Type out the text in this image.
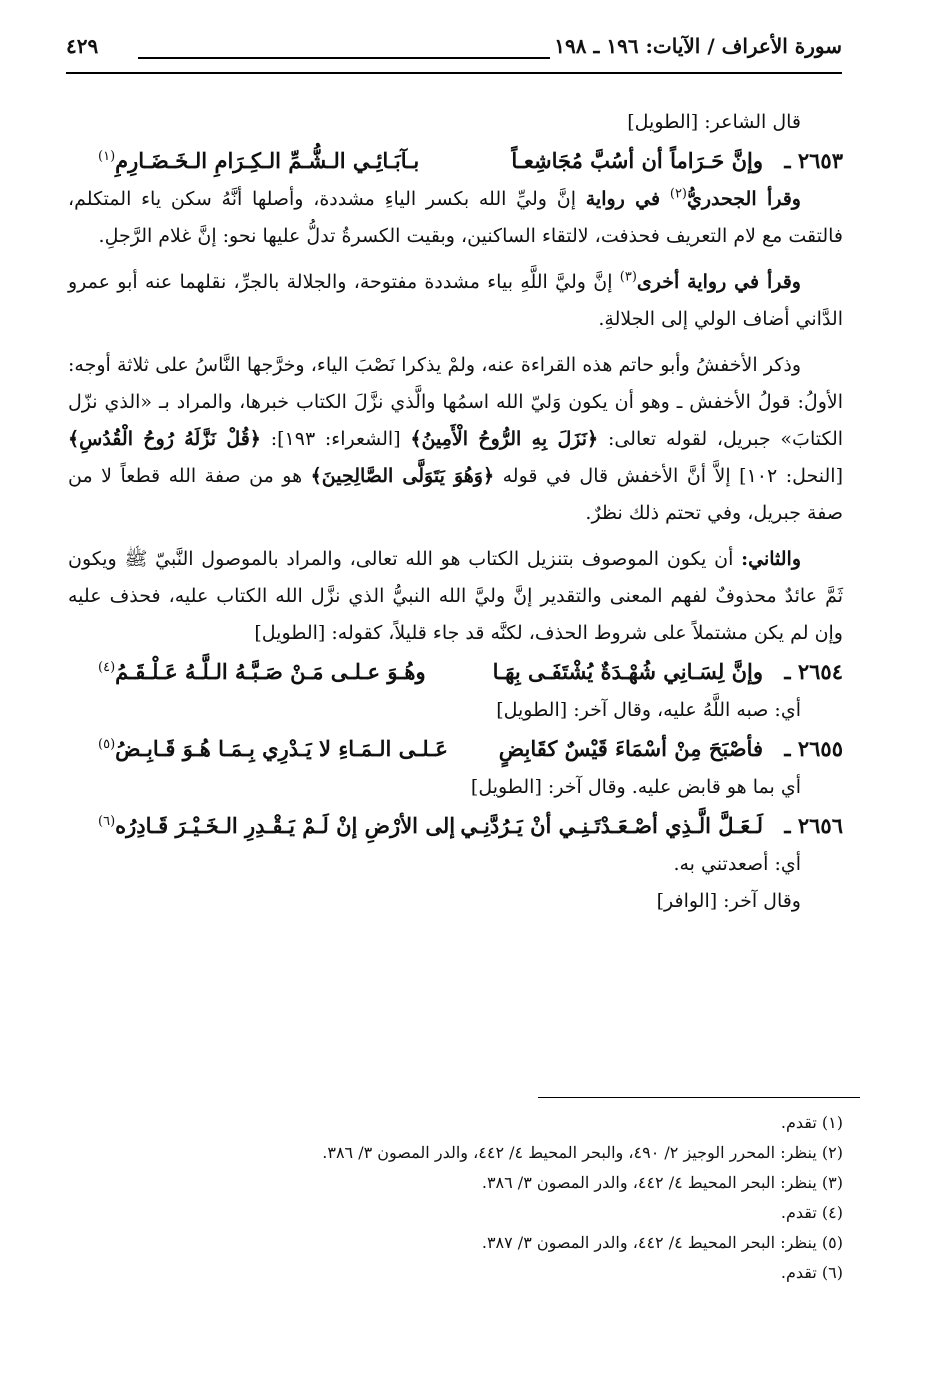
سورة الأعراف / الآيات: ١٩٦ ـ ١٩٨
٤٢٩

قال الشاعر: [الطويل]

٢٦٥٣ ـ
وإنَّ حَـرَاماً أن أسُبَّ مُجَاشِعـاً
بـآبَـائِـي الـشُّـمِّ الـكِـرَامِ الـخَـضَـارِمِ$^{(١)}$

وقرأ الجحدريُّ$^{(٢)}$ في رواية إنَّ وليِّ الله بكسر الياءِ مشددة، وأصلها أنَّهُ سكن ياء المتكلم، فالتقت مع لام التعريف فحذفت، لالتقاء الساكنين، وبقيت الكسرةُ تدلُّ عليها نحو: إنَّ غلام الرَّجلِ.

وقرأ في رواية أخرى$^{(٣)}$ إنَّ وليَّ اللَّهِ بياء مشددة مفتوحة، والجلالة بالجرِّ، نقلهما عنه أبو عمرو الدَّاني أضاف الولي إلى الجلالةِ.

وذكر الأخفشُ وأبو حاتم هذه القراءة عنه، ولمْ يذكرا نَصْبَ الياء، وخرَّجها النَّاسُ على ثلاثة أوجه: الأولُ: قولُ الأخفش ـ وهو أن يكون وَليّ الله اسمُها والَّذي نزَّلَ الكتاب خبرها، والمراد بـ «الذي نزّل الكتابَ» جبريل، لقوله تعالى: ﴿نَزَلَ بِهِ الرُّوحُ الْأَمِينُ﴾ [الشعراء: ١٩٣]: ﴿قُلْ نَزَّلَهُ رُوحُ الْقُدُسِ﴾ [النحل: ١٠٢] إلاَّ أنَّ الأخفش قال في قوله ﴿وَهُوَ يَتَوَلَّى الصَّالِحِينَ﴾ هو من صفة الله قطعاً لا من صفة جبريل، وفي تحتم ذلك نظرٌ.

والثاني: أن يكون الموصوف بتنزيل الكتاب هو الله تعالى، والمراد بالموصول النَّبيّ ﷺ ويكون ثَمَّ عائدٌ محذوفٌ لفهم المعنى والتقدير إنَّ وليَّ الله النبيُّ الذي نزَّل الله الكتاب عليه، فحذف عليه وإن لم يكن مشتملاً على شروط الحذف، لكنَّه قد جاء قليلاً، كقوله: [الطويل]

٢٦٥٤ ـ
وإنَّ لِسَـانِي شُهْـدَةٌ يُشْتَفَـى بِهَـا
وهُـوَ عـلـى مَـنْ صَـبَّـهُ الـلَّـهُ عَـلْـقَـمُ$^{(٤)}$

أي: صبه اللَّهُ عليه، وقال آخر: [الطويل]

٢٦٥٥ ـ
فأصْبَحَ مِنْ أسْمَاءَ قَيْسٌ كقَابِضٍ
عَـلـى الـمَـاءِ لا يَـدْرِي بِـمَـا هُـوَ قَـابِـضُ$^{(٥)}$

أي بما هو قابض عليه. وقال آخر: [الطويل]

٢٦٥٦ ـ
لَـعَـلَّ الَّـذِي أصْـعَـدْتَـنِـي أنْ يَـرُدَّنِـي
إلى الأرْضِ إنْ لَـمْ يَـقْـدِرِ الـخَـيْـرَ قَـادِرُه$^{(٦)}$

أي: أصعدتني به.

وقال آخر: [الوافر]

(١) تقدم.
(٢) ينظر: المحرر الوجيز ٢/ ٤٩٠، والبحر المحيط ٤/ ٤٤٢، والدر المصون ٣/ ٣٨٦.
(٣) ينظر: البحر المحيط ٤/ ٤٤٢، والدر المصون ٣/ ٣٨٦.
(٤) تقدم.
(٥) ينظر: البحر المحيط ٤/ ٤٤٢، والدر المصون ٣/ ٣٨٧.
(٦) تقدم.
